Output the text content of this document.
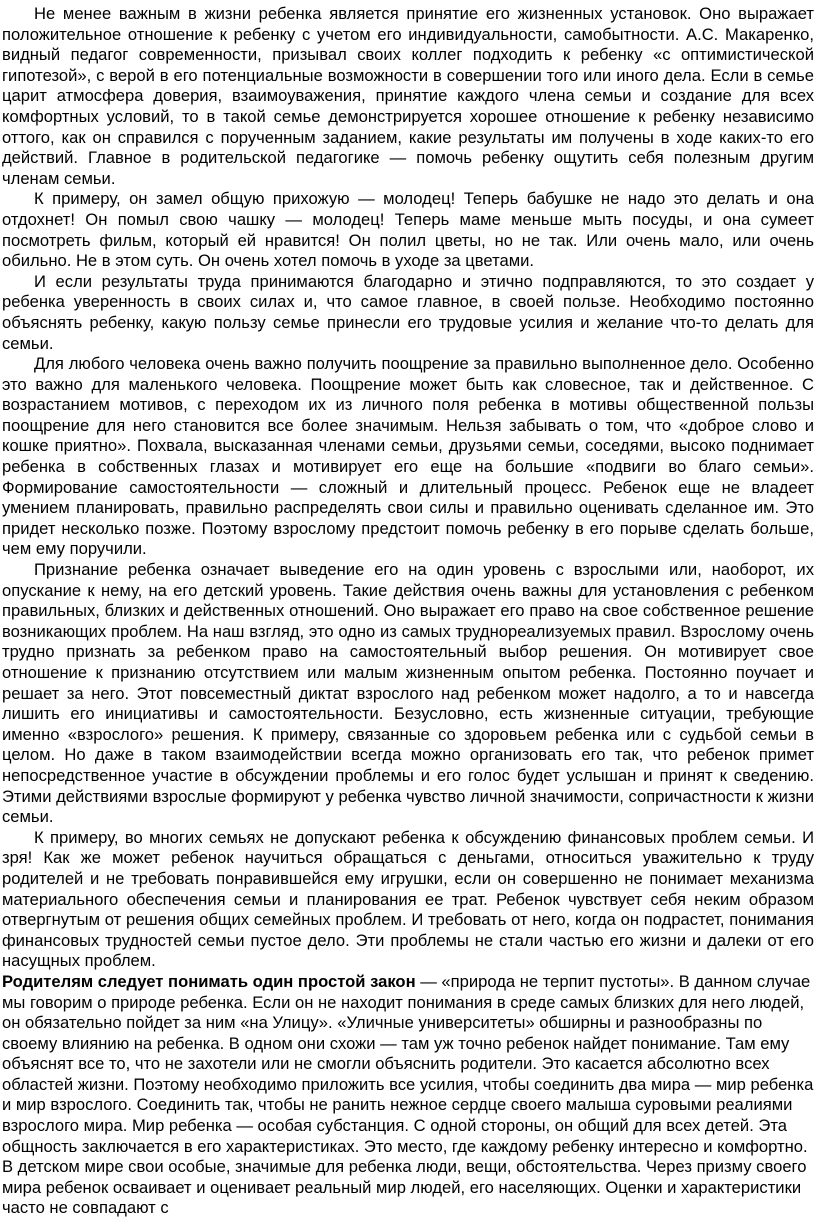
Не менее важным в жизни ребенка является принятие его жизненных установок. Оно выражает положительное отношение к ребенку с учетом его индивидуальности, самобытности. А.С. Макаренко, видный педагог современности, призывал своих коллег подходить к ребенку «с оптимистической гипотезой», с верой в его потенциальные возможности в совершении того или иного дела. Если в семье царит атмосфера доверия, взаимоуважения, принятие каждого члена семьи и создание для всех комфортных условий, то в такой семье демонстрируется хорошее отношение к ребенку независимо оттого, как он справился с порученным заданием, какие результаты им получены в ходе каких-то его действий. Главное в родительской педагогике — помочь ребенку ощутить себя полезным другим членам семьи.

К примеру, он замел общую прихожую — молодец! Теперь бабушке не надо это делать и она отдохнет! Он помыл свою чашку — молодец! Теперь маме меньше мыть посуды, и она сумеет посмотреть фильм, который ей нравится! Он полил цветы, но не так. Или очень мало, или очень обильно. Не в этом суть. Он очень хотел помочь в уходе за цветами.

И если результаты труда принимаются благодарно и этично подправляются, то это создает у ребенка уверенность в своих силах и, что самое главное, в своей пользе. Необходимо постоянно объяснять ребенку, какую пользу семье принесли его трудовые усилия и желание что-то делать для семьи.

Для любого человека очень важно получить поощрение за правильно выполненное дело. Особенно это важно для маленького человека. Поощрение может быть как словесное, так и действенное. С возрастанием мотивов, с переходом их из личного поля ребенка в мотивы общественной пользы поощрение для него становится все более значимым. Нельзя забывать о том, что «доброе слово и кошке приятно». Похвала, высказанная членами семьи, друзьями семьи, соседями, высоко поднимает ребенка в собственных глазах и мотивирует его еще на большие «подвиги во благо семьи». Формирование самостоятельности — сложный и длительный процесс. Ребенок еще не владеет умением планировать, правильно распределять свои силы и правильно оценивать сделанное им. Это придет несколько позже. Поэтому взрослому предстоит помочь ребенку в его порыве сделать больше, чем ему поручили.

Признание ребенка означает выведение его на один уровень с взрослыми или, наоборот, их опускание к нему, на его детский уровень. Такие действия очень важны для установления с ребенком правильных, близких и действенных отношений. Оно выражает его право на свое собственное решение возникающих проблем. На наш взгляд, это одно из самых труднореализуемых правил. Взрослому очень трудно признать за ребенком право на самостоятельный выбор решения. Он мотивирует свое отношение к признанию отсутствием или малым жизненным опытом ребенка. Постоянно поучает и решает за него. Этот повсеместный диктат взрослого над ребенком может надолго, а то и навсегда лишить его инициативы и самостоятельности. Безусловно, есть жизненные ситуации, требующие именно «взрослого» решения. К примеру, связанные со здоровьем ребенка или с судьбой семьи в целом. Но даже в таком взаимодействии всегда можно организовать его так, что ребенок примет непосредственное участие в обсуждении проблемы и его голос будет услышан и принят к сведению. Этими действиями взрослые формируют у ребенка чувство личной значимости, сопричастности к жизни семьи.

К примеру, во многих семьях не допускают ребенка к обсуждению финансовых проблем семьи. И зря! Как же может ребенок научиться обращаться с деньгами, относиться уважительно к труду родителей и не требовать понравившейся ему игрушки, если он совершенно не понимает механизма материального обеспечения семьи и планирования ее трат. Ребенок чувствует себя неким образом отвергнутым от решения общих семейных проблем. И требовать от него, когда он подрастет, понимания финансовых трудностей семьи пустое дело. Эти проблемы не стали частью его жизни и далеки от его насущных проблем.

Родителям следует понимать один простой закон — «природа не терпит пустоты». В данном случае мы говорим о природе ребенка. Если он не находит понимания в среде самых близких для него людей, он обязательно пойдет за ним «на Улицу». «Уличные университеты» обширны и разнообразны по своему влиянию на ребенка. В одном они схожи — там уж точно ребенок найдет понимание. Там ему объяснят все то, что не захотели или не смогли объяснить родители. Это касается абсолютно всех областей жизни. Поэтому необходимо приложить все усилия, чтобы соединить два мира — мир ребенка и мир взрослого. Соединить так, чтобы не ранить нежное сердце своего малыша суровыми реалиями взрослого мира. Мир ребенка — особая субстанция. С одной стороны, он общий для всех детей. Эта общность заключается в его характеристиках. Это место, где каждому ребенку интересно и комфортно. В детском мире свои особые, значимые для ребенка люди, вещи, обстоятельства. Через призму своего мира ребенок осваивает и оценивает реальный мир людей, его населяющих. Оценки и характеристики часто не совпадают с
